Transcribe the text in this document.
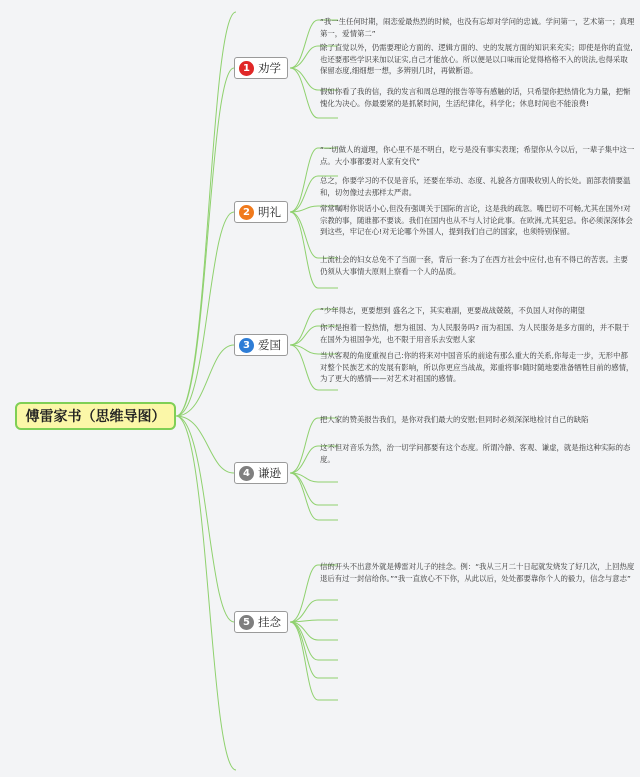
傅雷家书（思维导图）
1 劝学
“我一生任何时期，闹恋爱最热烈的时候，也没有忘却对学问的忠诚。学问第一，艺术第一；真理第一，爱情第二”
除了直觉以外，仍需要理论方面的、逻辑方面的、史的发展方面的知识来充实；即使是你的直觉,也还要那些学识来加以证实,自己才能放心。所以便是以口味而论觉得格格不入的说法,也得采取保留态度,细细想一想，多辨别几时，再做断语。
假如你看了我的信，我的发言和周总理的报告等等有感触的话，只希望你把热情化为力量，把惭愧化为决心。你最要紧的是抓紧时间，生活纪律化，科学化；休息时间也不能浪费!
2 明礼
“一切做人的道理，你心里不是不明白，吃亏是没有事实表现；希望你从今以后，一辈子集中这一点。大小事都要对人家有交代”
总之，你要学习的不仅是音乐，还要在举动、态度、礼貌各方面吸收别人的长处。面部表情要温和，切勿像过去那样太严肃。
常常嘱咐你说话小心,但没有强调关于国际的言论，这是我的疏忽。嘴巴切不可畅,尤其在国外!对宗教的事，随谁都不要谈。我们在国内也从不与人讨论此事。在欧洲,尤其犯忌。你必须深深体会到这些，牢记在心!对无论哪个外国人，提到我们自己的国家，也须特别保留。
上流社会的妇女总免不了当面一套，背后一套:为了在西方社会中应付,也有不得已的苦衷。主要仍须从大事情大原则上察看一个人的品质。
3 爱国
“少年得志，更要想到 盛名之下，其实难副，更要战战兢兢，不负国人对你的期望
你不是抱着一腔热情，想为祖国、为人民服务吗? 而为祖国、为人民服务是多方面的，并不限于在国外为祖国争光，也不限于用音乐去安慰人家
当从客观的角度重视自己:你的将来对中国音乐的前途有那么重大的关系,你每走一步，无形中都对整个民族艺术的发展有影响，所以你更应当战战，郑重将事!随时随地要准备牺牲目前的感情，为了更大的感情——对艺术对祖国的感情。
4 谦逊
把人家的赞美报告我们，是你对我们最大的安慰;但同时必须深深地检讨自己的缺陷
这不但对音乐为然，治一切学问都要有这个态度。所谓冷静、客观、谦虚，就是指这种实际的态度。
5 挂念
信的开头不出意外就是傅雷对儿子的挂念。例：“我从三月二十日起就发烧发了好几次，上回热度退后有过一封信给你。”“我一直放心不下你，从此以后，处处都要靠你个人的毅力，信念与意志”
